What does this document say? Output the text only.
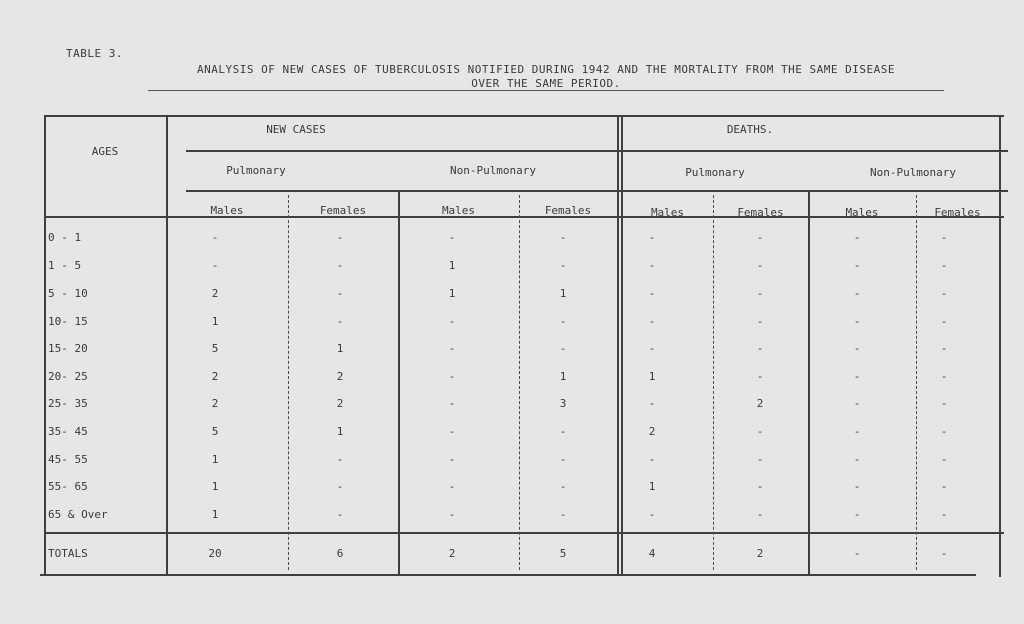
TABLE 3.
ANALYSIS OF NEW CASES OF TUBERCULOSIS NOTIFIED DURING 1942 AND THE MORTALITY FROM THE SAME DISEASE
OVER THE SAME PERIOD.
AGES
NEW CASES	DEATHS.
Pulmonary	Non-Pulmonary	Pulmonary	Non-Pulmonary
Males	Females	Males	Females	Males	Females	Males	Females
0 - 1	-	-	-	-	-	-	-	-
1 - 5	-	-	1	-	-	-	-	-
5 - 10	2	-	1	1	-	-	-	-
10- 15	1	-	-	-	-	-	-	-
15- 20	5	1	-	-	-	-	-	-
20- 25	2	2	-	1	1	-	-	-
25- 35	2	2	-	3	-	2	-	-
35- 45	5	1	-	-	2	-	-	-
45- 55	1	-	-	-	-	-	-	-
55- 65	1	-	-	-	1	-	-	-
65 & Over	1	-	-	-	-	-	-	-
TOTALS	20	6	2	5	4	2	-	-
